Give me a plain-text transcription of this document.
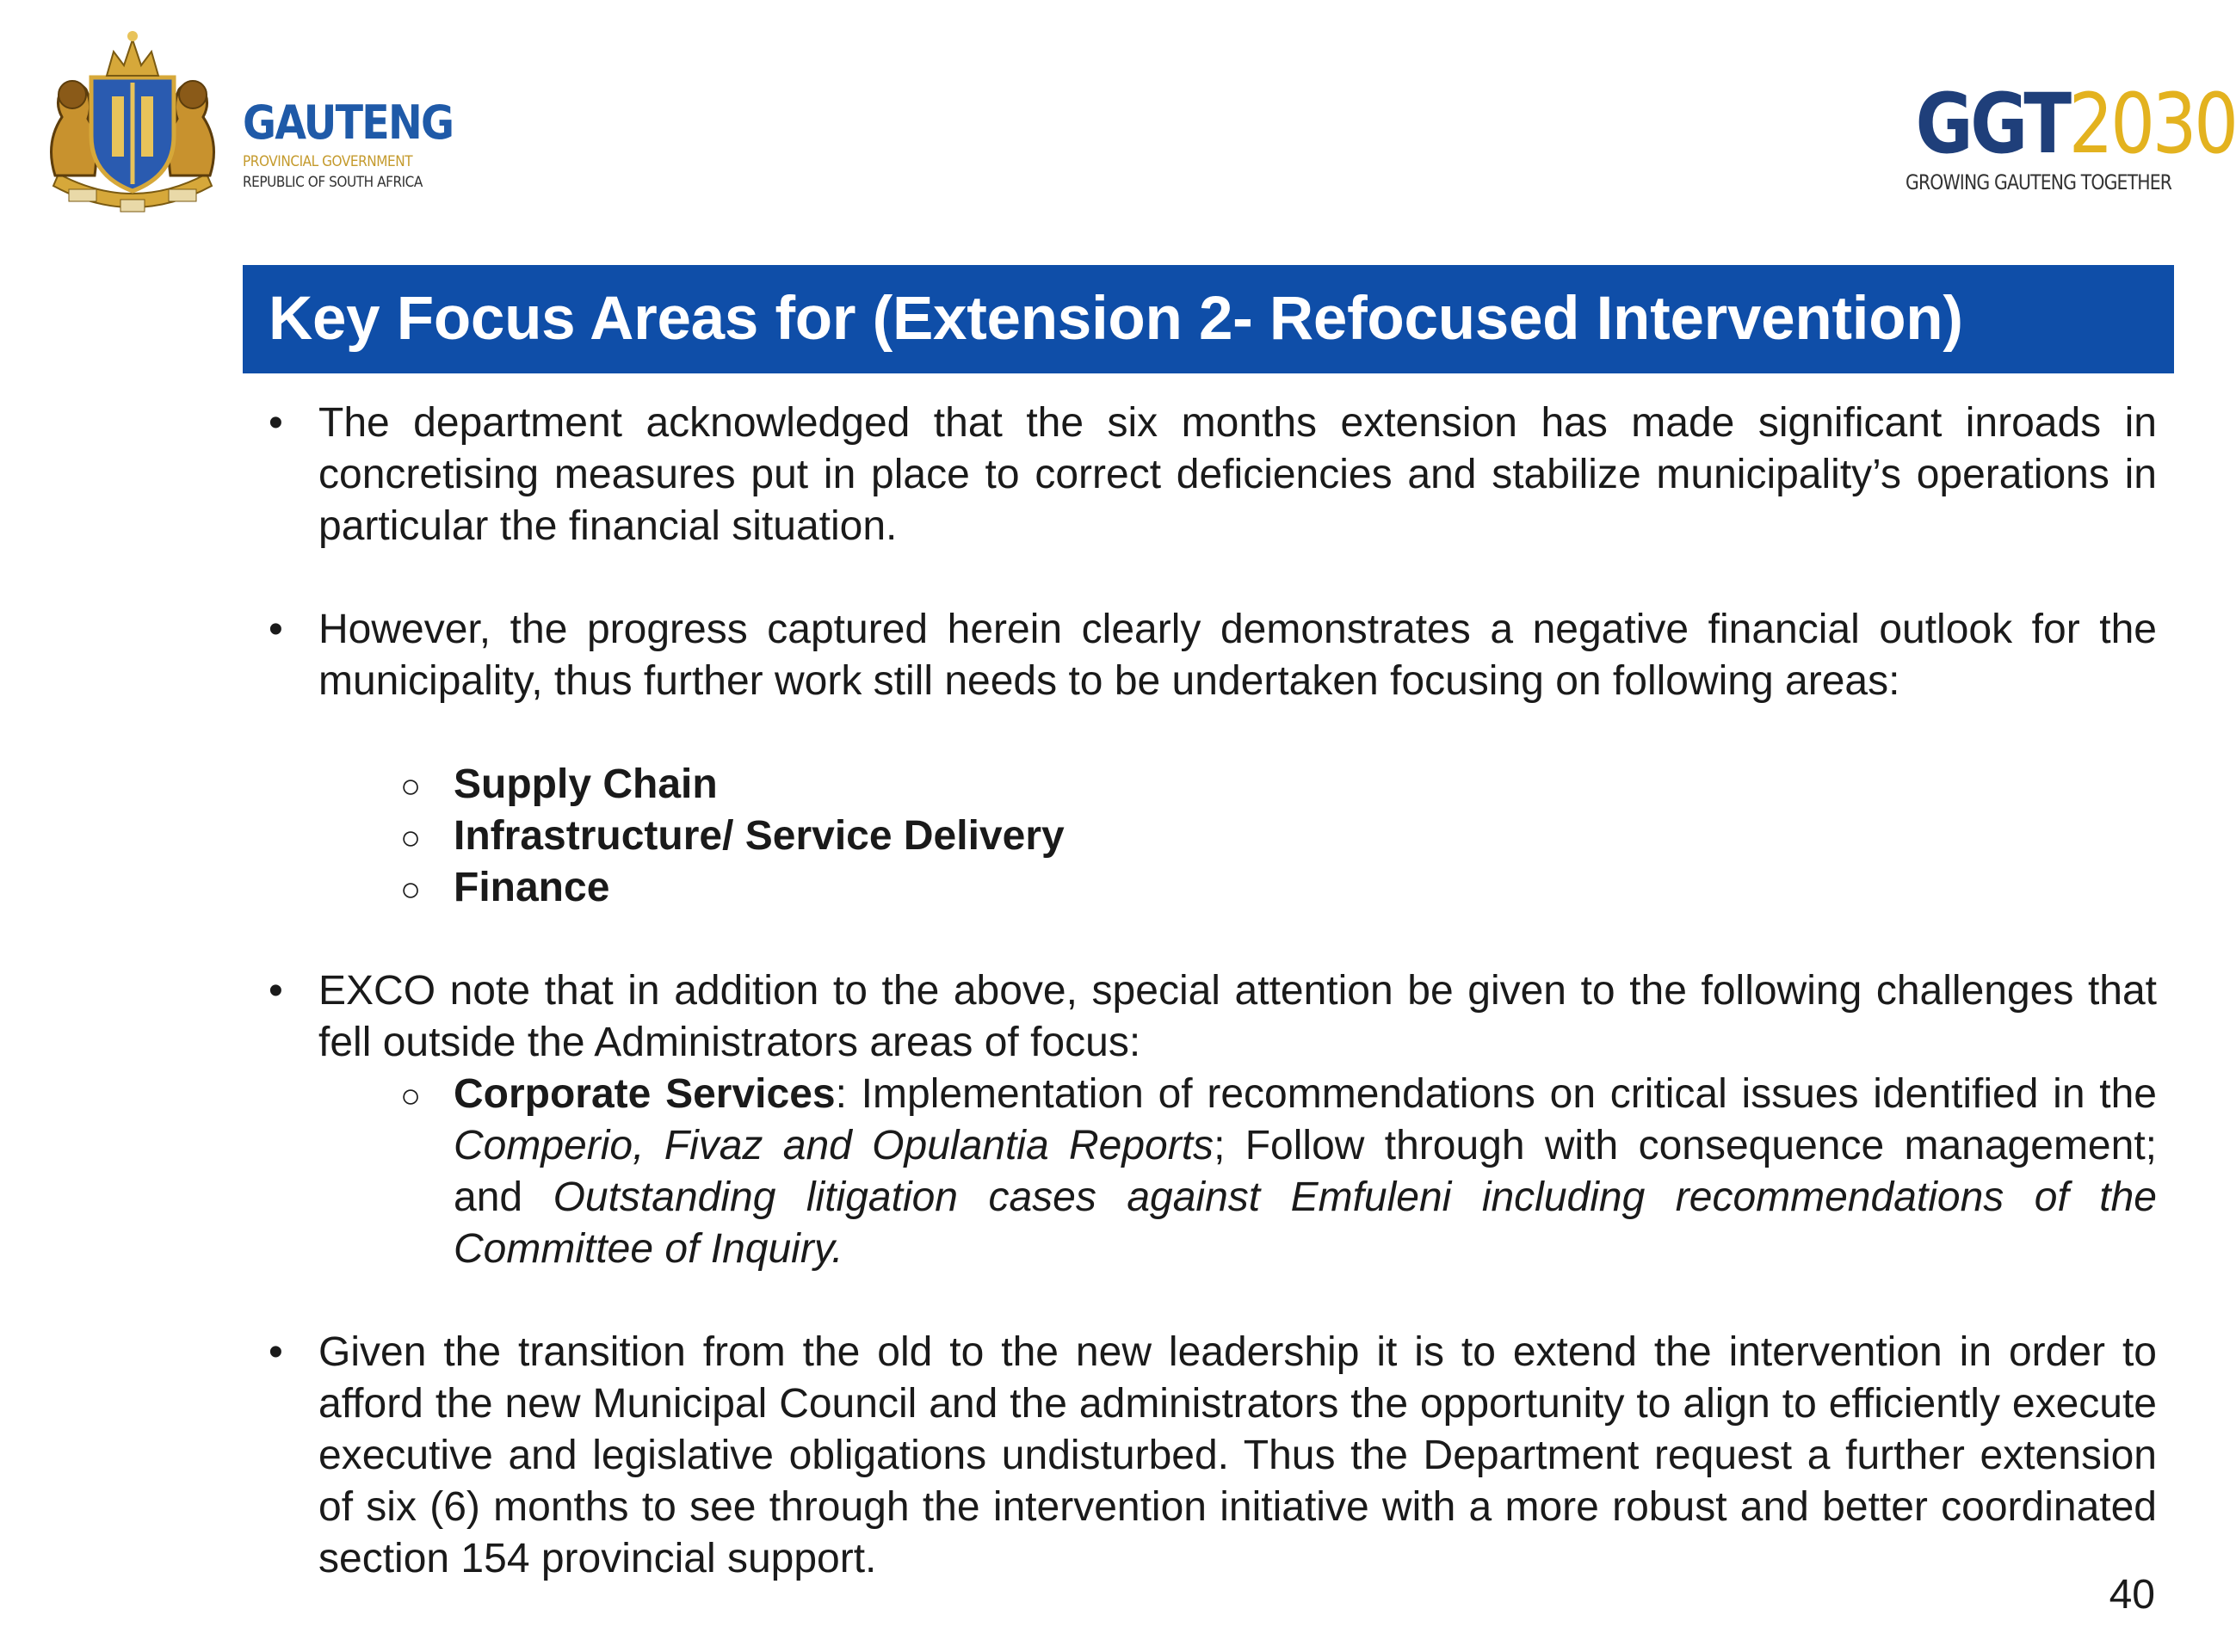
GAUTENG
PROVINCIAL GOVERNMENT
REPUBLIC OF SOUTH AFRICA
GGT2030
GROWING GAUTENG TOGETHER
Key Focus Areas for (Extension 2- Refocused Intervention)
• The department acknowledged that the six months extension has made significant inroads in concretising measures put in place to correct deficiencies and stabilize municipality’s operations in particular the financial situation.
• However, the progress captured herein clearly demonstrates a negative financial outlook for the municipality, thus further work still needs to be undertaken focusing on following areas:
○ Supply Chain
○ Infrastructure/ Service Delivery
○ Finance
• EXCO note that in addition to the above, special attention be given to the following challenges that fell outside the Administrators areas of focus:
○ Corporate Services: Implementation of recommendations on critical issues identified in the Comperio, Fivaz and Opulantia Reports; Follow through with consequence management; and Outstanding litigation cases against Emfuleni including recommendations of the Committee of Inquiry.
• Given the transition from the old to the new leadership it is to extend the intervention in order to afford the new Municipal Council and the administrators the opportunity to align to efficiently execute executive and legislative obligations undisturbed. Thus the Department request a further extension of six (6) months to see through the intervention initiative with a more robust and better coordinated section 154 provincial support.
40
